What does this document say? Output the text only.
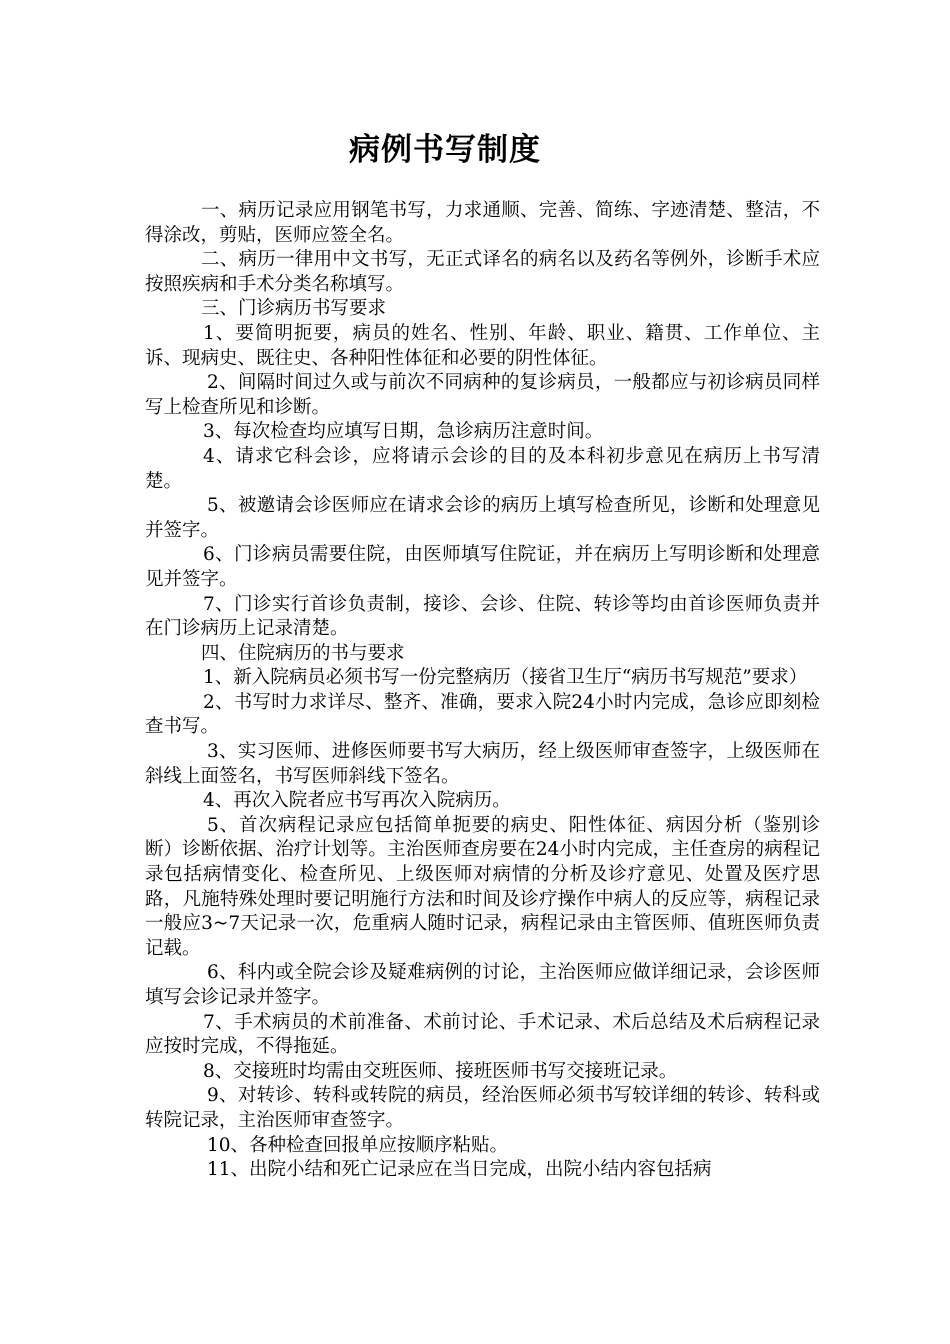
病例书写制度

一、病历记录应用钢笔书写，力求通顺、完善、简练、字迹清楚、整洁，不得涂改，剪贴，医师应签全名。

二、病历一律用中文书写，无正式译名的病名以及药名等例外，诊断手术应按照疾病和手术分类名称填写。

三、门诊病历书写要求

1、要简明扼要，病员的姓名、性别、年龄、职业、籍贯、工作单位、主诉、现病史、既往史、各种阳性体征和必要的阴性体征。

2、间隔时间过久或与前次不同病种的复诊病员，一般都应与初诊病员同样写上检查所见和诊断。

3、每次检查均应填写日期，急诊病历注意时间。

4、请求它科会诊，应将请示会诊的目的及本科初步意见在病历上书写清楚。

5、被邀请会诊医师应在请求会诊的病历上填写检查所见，诊断和处理意见并签字。

6、门诊病员需要住院，由医师填写住院证，并在病历上写明诊断和处理意见并签字。

7、门诊实行首诊负责制，接诊、会诊、住院、转诊等均由首诊医师负责并在门诊病历上记录清楚。

四、住院病历的书与要求

1、新入院病员必须书写一份完整病历（接省卫生厅“病历书写规范”要求）

2、书写时力求详尽、整齐、准确，要求入院24小时内完成，急诊应即刻检查书写。

3、实习医师、进修医师要书写大病历，经上级医师审查签字，上级医师在斜线上面签名，书写医师斜线下签名。

4、再次入院者应书写再次入院病历。

5、首次病程记录应包括简单扼要的病史、阳性体征、病因分析（鉴别诊断）诊断依据、治疗计划等。主治医师查房要在24小时内完成，主任查房的病程记录包括病情变化、检查所见、上级医师对病情的分析及诊疗意见、处置及医疗思路，凡施特殊处理时要记明施行方法和时间及诊疗操作中病人的反应等，病程记录一般应3~7天记录一次，危重病人随时记录，病程记录由主管医师、值班医师负责记载。

6、科内或全院会诊及疑难病例的讨论，主治医师应做详细记录，会诊医师填写会诊记录并签字。

7、手术病员的术前准备、术前讨论、手术记录、术后总结及术后病程记录应按时完成，不得拖延。

8、交接班时均需由交班医师、接班医师书写交接班记录。

9、对转诊、转科或转院的病员，经治医师必须书写较详细的转诊、转科或转院记录，主治医师审查签字。

10、各种检查回报单应按顺序粘贴。

11、出院小结和死亡记录应在当日完成，出院小结内容包括病
